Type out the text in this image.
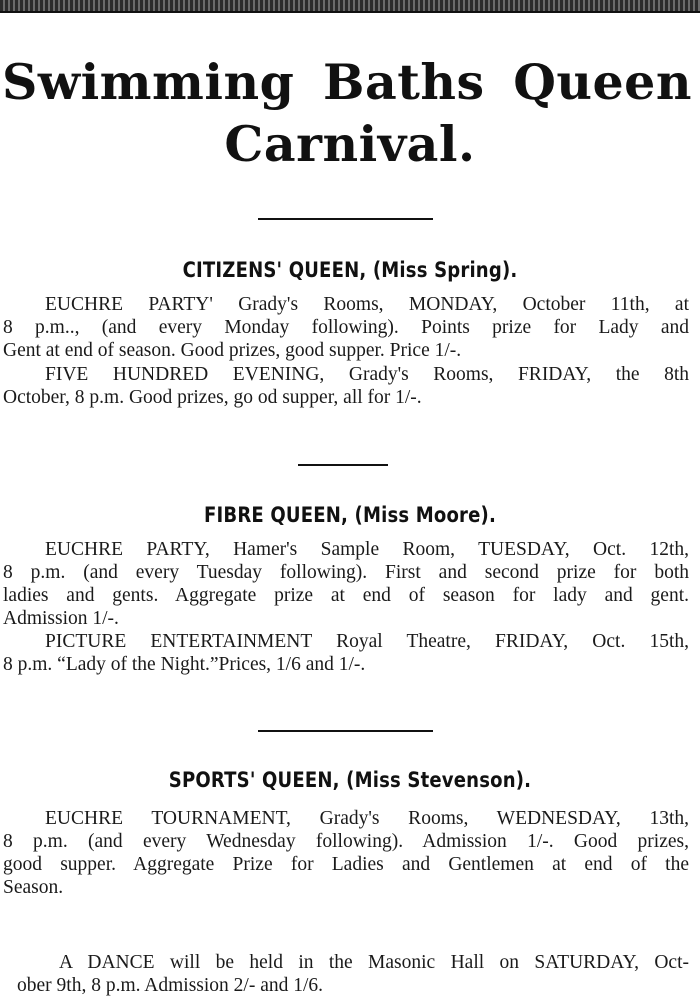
Swimming Baths Queen
Carnival.
CITIZENS' QUEEN, (Miss Spring).
EUCHRE PARTY' Grady's Rooms, MONDAY, October 11th, at
8 p.m.., (and every Monday following). Points prize for Lady and
Gent at end of season. Good prizes, good supper. Price 1/-.
FIVE HUNDRED EVENING, Grady's Rooms, FRIDAY, the 8th
October, 8 p.m. Good prizes, go od supper, all for 1/-.
FIBRE QUEEN, (Miss Moore).
EUCHRE PARTY, Hamer's Sample Room, TUESDAY, Oct. 12th,
8 p.m. (and every Tuesday following). First and second prize for both
ladies and gents. Aggregate prize at end of season for lady and gent.
Admission 1/-.
PICTURE ENTERTAINMENT Royal Theatre, FRIDAY, Oct. 15th,
8 p.m. “Lady of the Night.”Prices, 1/6 and 1/-.
SPORTS' QUEEN, (Miss Stevenson).
EUCHRE TOURNAMENT, Grady's Rooms, WEDNESDAY, 13th,
8 p.m. (and every Wednesday following). Admission 1/-. Good prizes,
good supper. Aggregate Prize for Ladies and Gentlemen at end of the
Season.
A DANCE will be held in the Masonic Hall on SATURDAY, Oct-
ober 9th, 8 p.m. Admission 2/- and 1/6.
